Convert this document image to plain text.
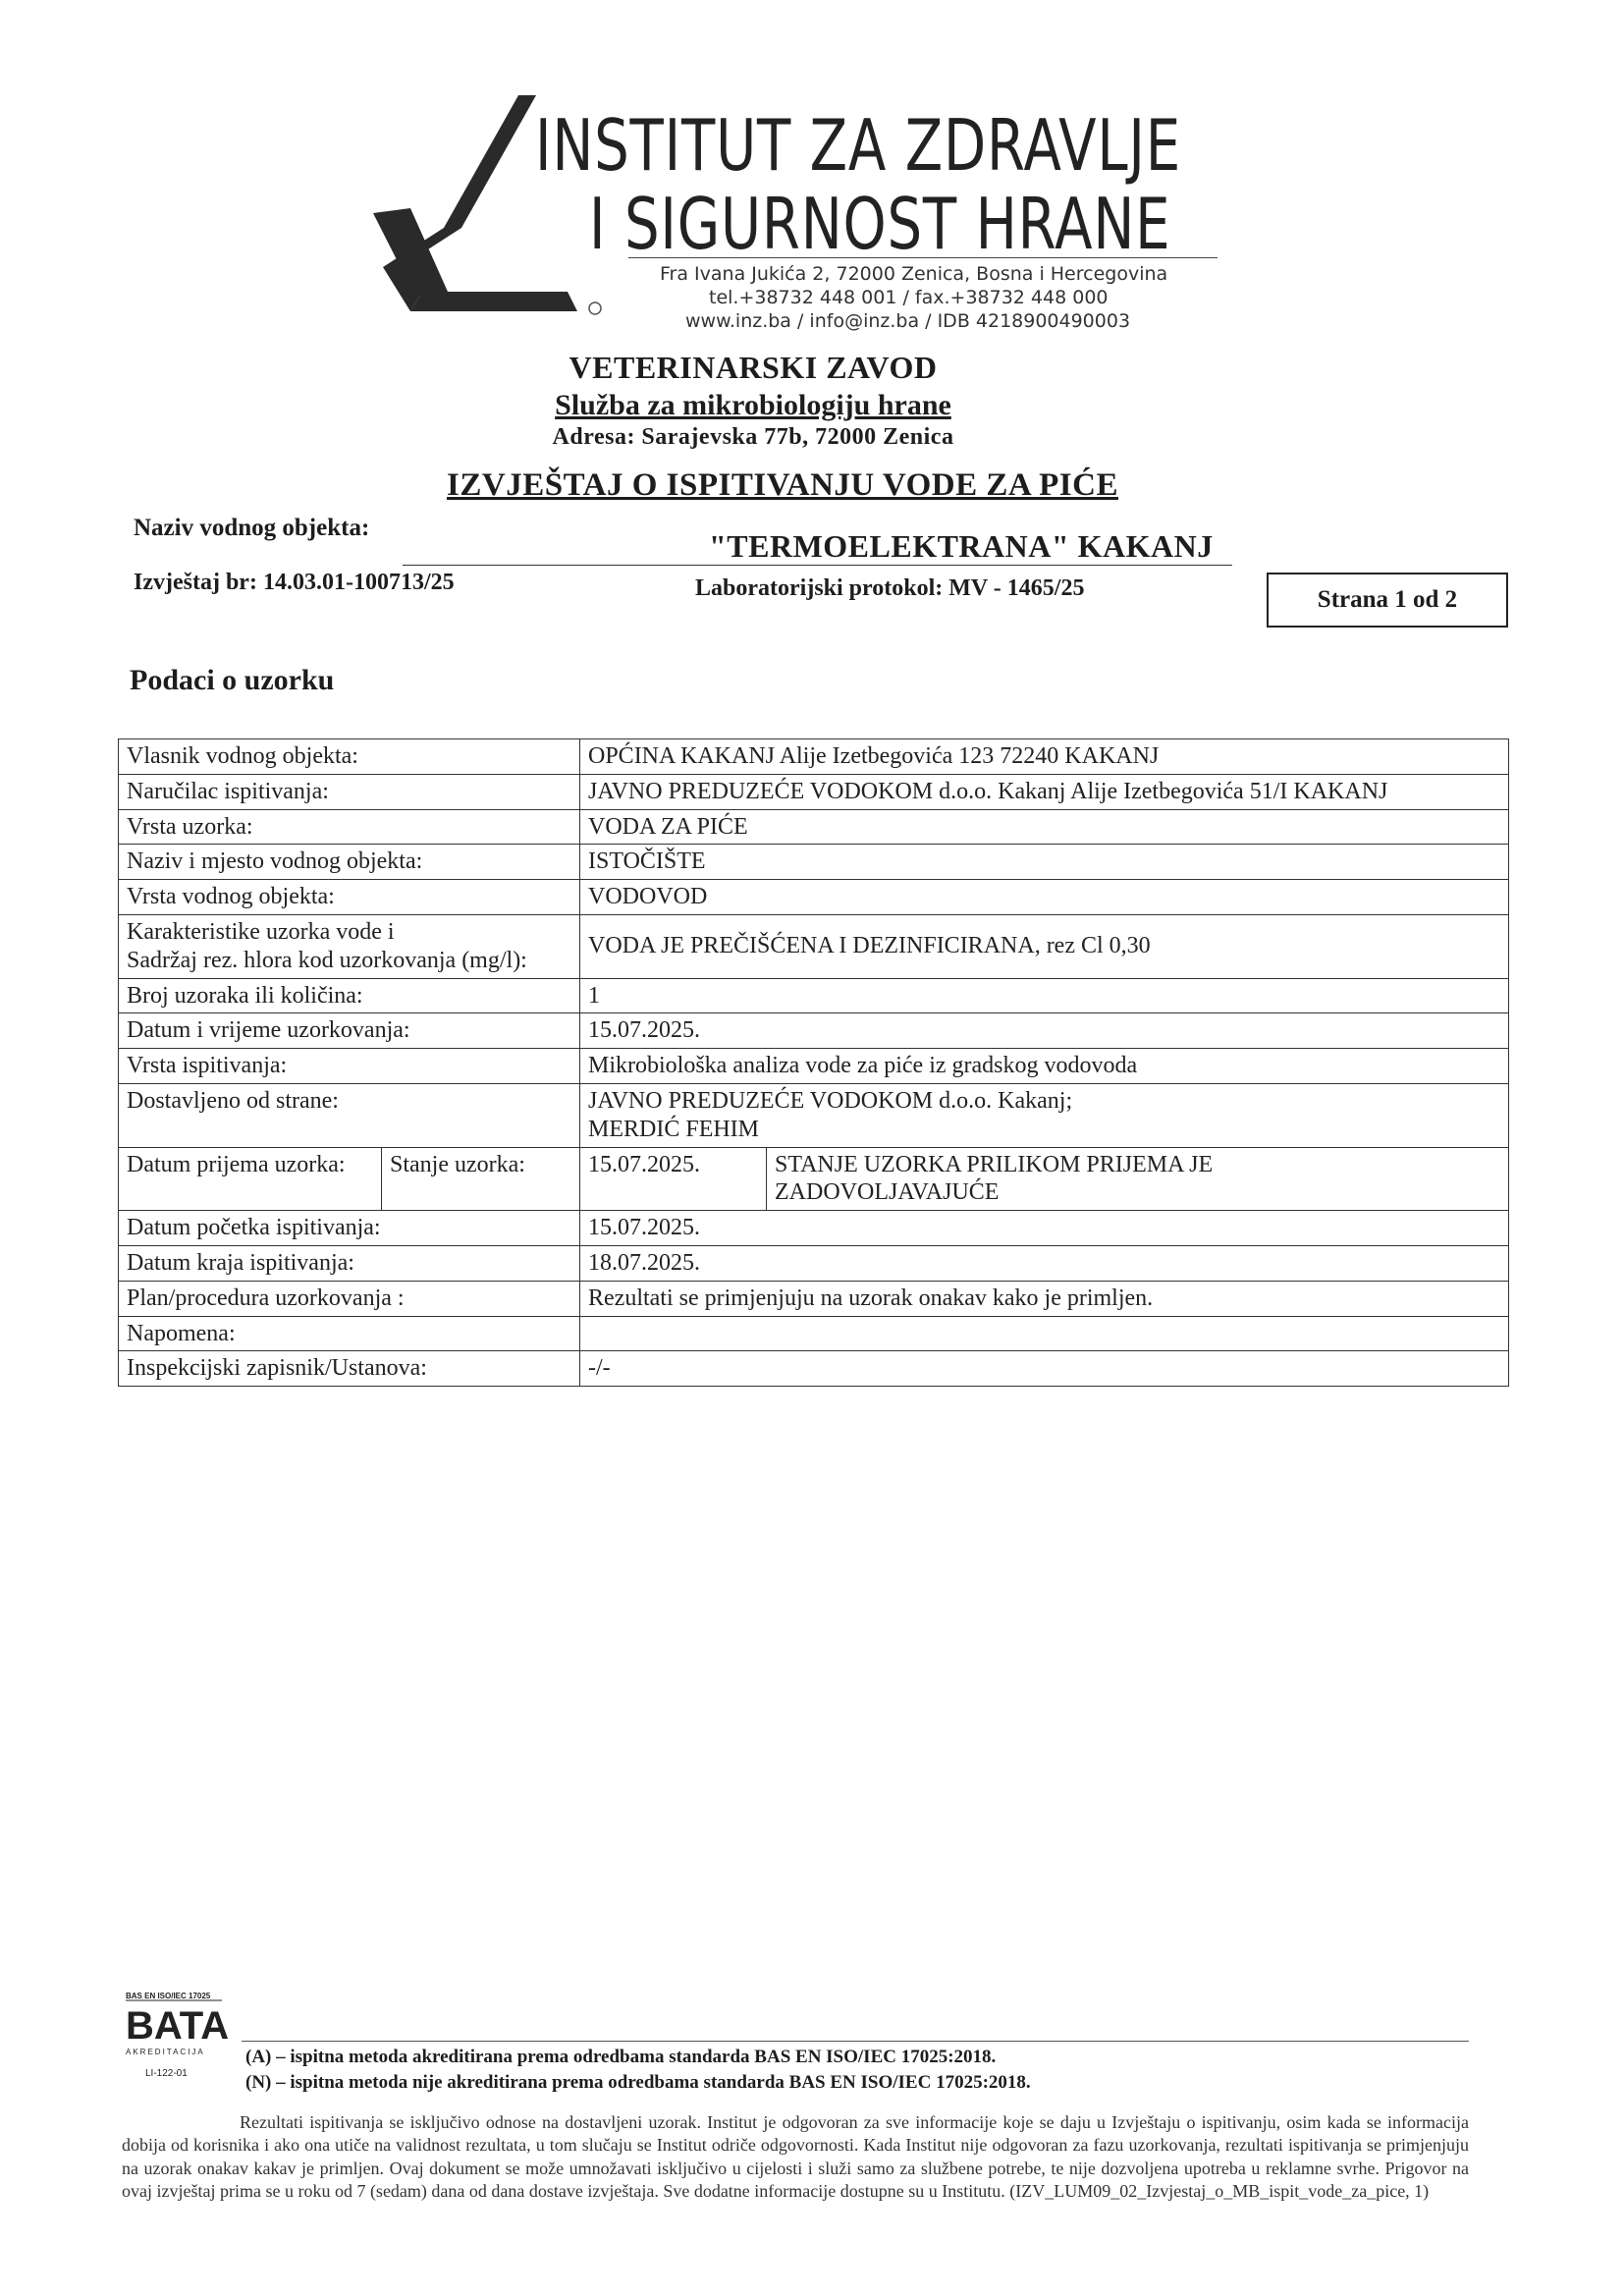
INSTITUT ZA ZDRAVLJE
I SIGURNOST HRANE
Fra Ivana Jukića 2, 72000 Zenica, Bosna i Hercegovina
tel.+38732 448 001 / fax.+38732 448 000
www.inz.ba / info@inz.ba / IDB 4218900490003
VETERINARSKI ZAVOD
Služba za mikrobiologiju hrane
Adresa: Sarajevska 77b, 72000 Zenica
IZVJEŠTAJ O ISPITIVANJU VODE ZA PIĆE
Naziv vodnog objekta:
"TERMOELEKTRANA" KAKANJ
Izvještaj br: 14.03.01-100713/25	Laboratorijski protokol: MV - 1465/25	Strana 1 od 2
Podaci o uzorku
Vlasnik vodnog objekta:		OPĆINA KAKANJ Alije Izetbegovića 123 72240 KAKANJ	
Naručilac ispitivanja:		JAVNO PREDUZEĆE VODOKOM d.o.o. Kakanj Alije Izetbegovića 51/I KAKANJ	
Vrsta uzorka:		VODA ZA PIĆE	
Naziv i mjesto vodnog objekta:		ISTOČIŠTE	
Vrsta vodnog objekta:		VODOVOD	

Karakteristike uzorka vode i
Sadržaj rez. hlora kod uzorkovanja (mg/l):		VODA JE PREČIŠĆENA I DEZINFICIRANA, rez Cl 0,30	
Broj uzoraka ili količina:		1	
Datum i vrijeme uzorkovanja:		15.07.2025.	
Vrsta ispitivanja:		Mikrobiološka analiza vode za piće iz gradskog vodovoda	
Dostavljeno od strane:		JAVNO PREDUZEĆE VODOKOM d.o.o. Kakanj;
MERDIĆ FEHIM	

Datum prijema uzorka:	Stanje uzorka:	15.07.2025.	STANJE UZORKA PRILIKOM PRIJEMA JE
ZADOVOLJAVAJUĆE

Datum početka ispitivanja:		15.07.2025.	
Datum kraja ispitivanja:		18.07.2025.	
Plan/procedura uzorkovanja :		Rezultati se primjenjuju na uzorak onakav kako je primljen.	
Napomena:			
Inspekcijski zapisnik/Ustanova:		-/-	
BAS EN ISO/IEC 17025
BATA
AKREDITACIJA
LI-122-01
(A) – ispitna metoda akreditirana prema odredbama standarda BAS EN ISO/IEC 17025:2018.
(N) – ispitna metoda nije akreditirana prema odredbama standarda BAS EN ISO/IEC 17025:2018.
Rezultati ispitivanja se isključivo odnose na dostavljeni uzorak. Institut je odgovoran za sve informacije koje se daju u Izvještaju o ispitivanju, osim kada se informacija dobija od korisnika i ako ona utiče na validnost rezultata, u tom slučaju se Institut odriče odgovornosti. Kada Institut nije odgovoran za fazu uzorkovanja, rezultati ispitivanja se primjenjuju na uzorak onakav kakav je primljen. Ovaj dokument se može umnožavati isključivo u cijelosti i služi samo za službene potrebe, te nije dozvoljena upotreba u reklamne svrhe. Prigovor na ovaj izvještaj prima se u roku od 7 (sedam) dana od dana dostave izvještaja. Sve dodatne informacije dostupne su u Institutu. (IZV_LUM09_02_Izvjestaj_o_MB_ispit_vode_za_pice, 1)
